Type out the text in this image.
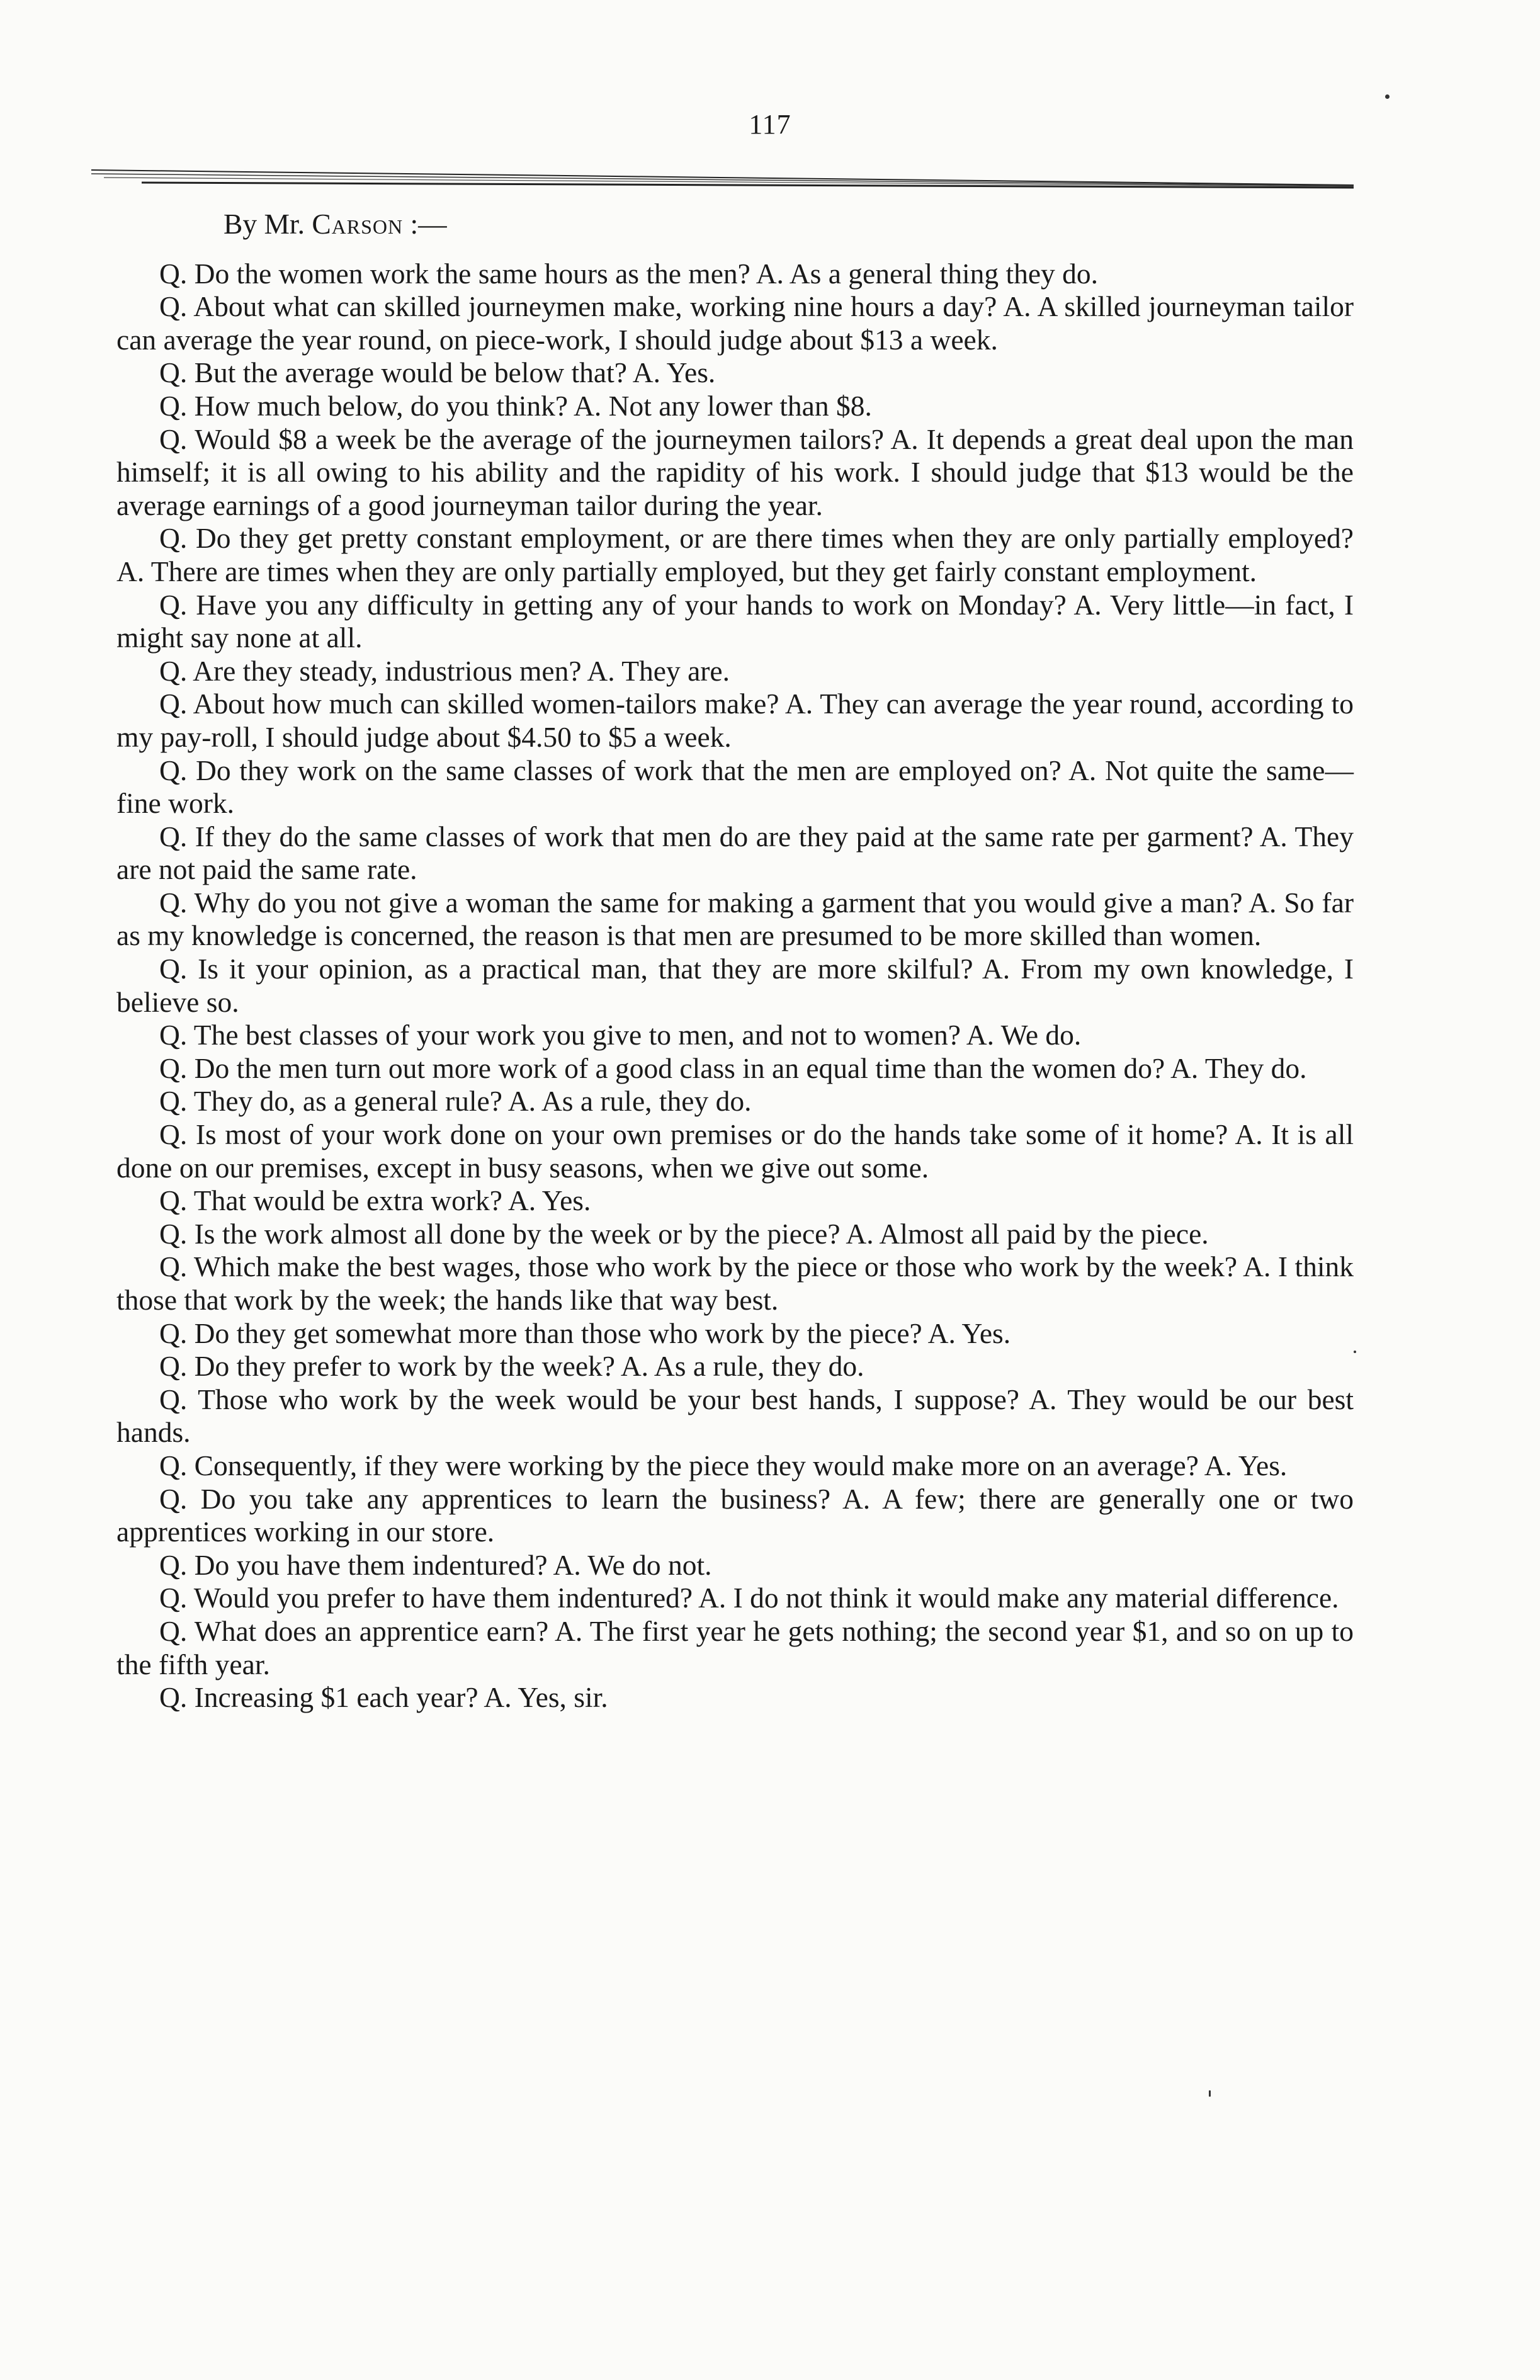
117

By Mr. Carson :—

Q. Do the women work the same hours as the men? A. As a general thing they do.

Q. About what can skilled journeymen make, working nine hours a day? A. A skilled journeyman tailor can average the year round, on piece-work, I should judge about $13 a week.

Q. But the average would be below that? A. Yes.

Q. How much below, do you think? A. Not any lower than $8.

Q. Would $8 a week be the average of the journeymen tailors? A. It depends a great deal upon the man himself; it is all owing to his ability and the rapidity of his work. I should judge that $13 would be the average earnings of a good journeyman tailor during the year.

Q. Do they get pretty constant employment, or are there times when they are only partially employed? A. There are times when they are only partially employed, but they get fairly constant employment.

Q. Have you any difficulty in getting any of your hands to work on Monday? A. Very little—in fact, I might say none at all.

Q. Are they steady, industrious men? A. They are.

Q. About how much can skilled women-tailors make? A. They can average the year round, according to my pay-roll, I should judge about $4.50 to $5 a week.

Q. Do they work on the same classes of work that the men are employed on? A. Not quite the same—fine work.

Q. If they do the same classes of work that men do are they paid at the same rate per garment? A. They are not paid the same rate.

Q. Why do you not give a woman the same for making a garment that you would give a man? A. So far as my knowledge is concerned, the reason is that men are presumed to be more skilled than women.

Q. Is it your opinion, as a practical man, that they are more skilful? A. From my own knowledge, I believe so.

Q. The best classes of your work you give to men, and not to women? A. We do.

Q. Do the men turn out more work of a good class in an equal time than the women do? A. They do.

Q. They do, as a general rule? A. As a rule, they do.

Q. Is most of your work done on your own premises or do the hands take some of it home? A. It is all done on our premises, except in busy seasons, when we give out some.

Q. That would be extra work? A. Yes.

Q. Is the work almost all done by the week or by the piece? A. Almost all paid by the piece.

Q. Which make the best wages, those who work by the piece or those who work by the week? A. I think those that work by the week; the hands like that way best.

Q. Do they get somewhat more than those who work by the piece? A. Yes.

Q. Do they prefer to work by the week? A. As a rule, they do.

Q. Those who work by the week would be your best hands, I suppose? A. They would be our best hands.

Q. Consequently, if they were working by the piece they would make more on an average? A. Yes.

Q. Do you take any apprentices to learn the business? A. A few; there are generally one or two apprentices working in our store.

Q. Do you have them indentured? A. We do not.

Q. Would you prefer to have them indentured? A. I do not think it would make any material difference.

Q. What does an apprentice earn? A. The first year he gets nothing; the second year $1, and so on up to the fifth year.

Q. Increasing $1 each year? A. Yes, sir.
